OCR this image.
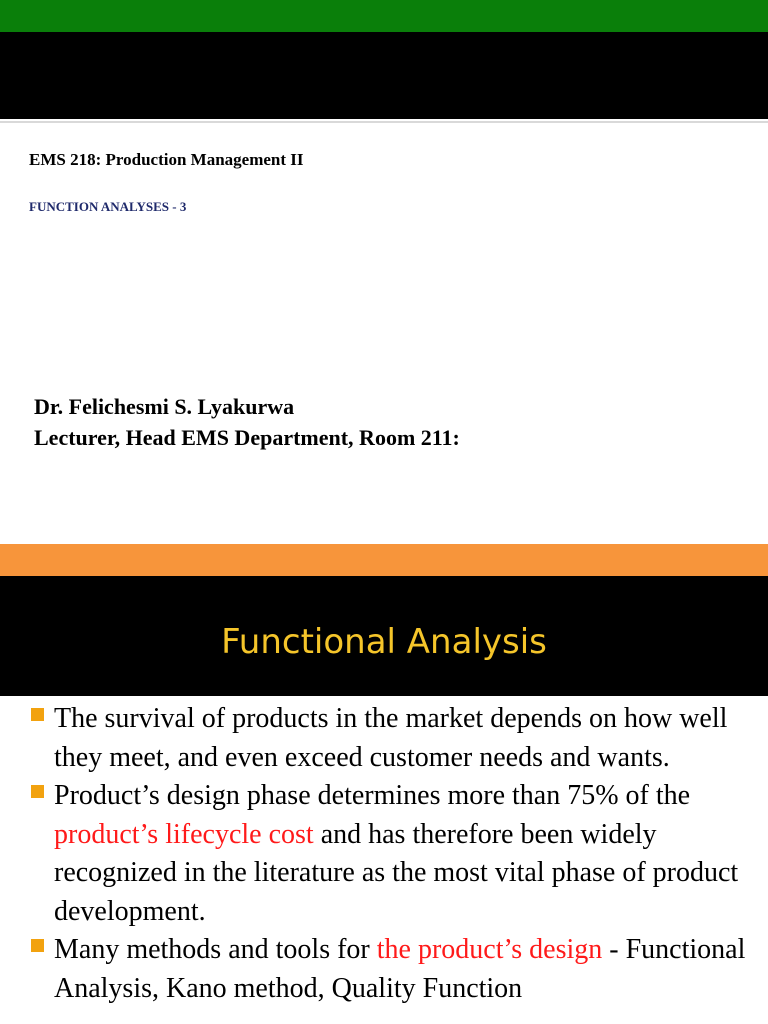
EMS 218: Production Management II
FUNCTION ANALYSES - 3
Dr. Felichesmi S. Lyakurwa
Lecturer, Head EMS Department, Room 211:
Functional Analysis
The survival of products in the market depends on how well they meet, and even exceed customer needs and wants.
Product’s design phase determines more than 75% of the product’s lifecycle cost and has therefore been widely recognized in the literature as the most vital phase of product development.
Many methods and tools for the product’s design - Functional Analysis, Kano method, Quality Function
